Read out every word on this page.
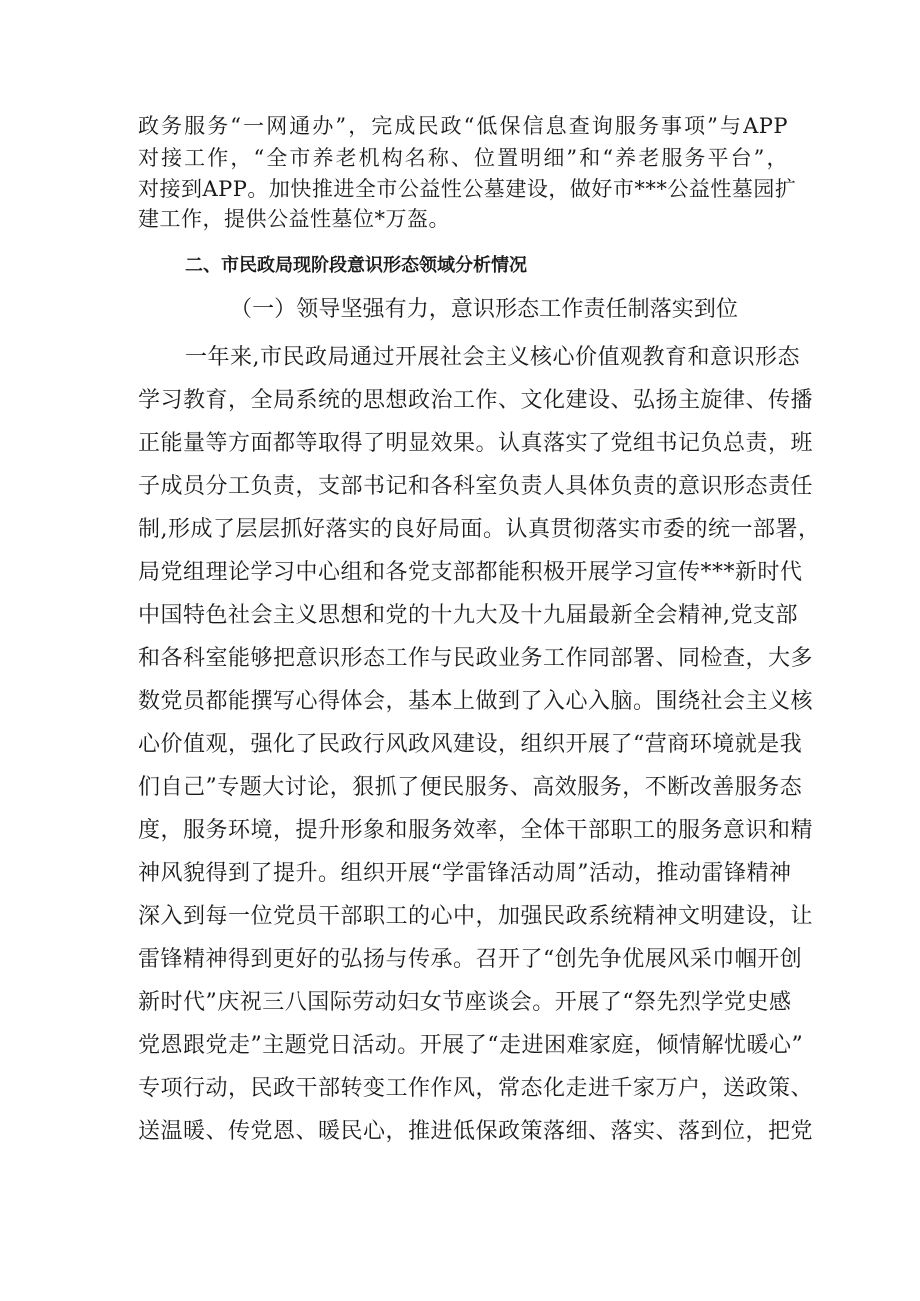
政务服务“一网通办”，完成民政“低保信息查询服务事项”与APP
对接工作，“全市养老机构名称、位置明细”和“养老服务平台”，
对接到APP。加快推进全市公益性公墓建设，做好市***公益性墓园扩
建工作，提供公益性墓位*万盔。
二、市民政局现阶段意识形态领域分析情况
（一）领导坚强有力，意识形态工作责任制落实到位
一年来,市民政局通过开展社会主义核心价值观教育和意识形态
学习教育，全局系统的思想政治工作、文化建设、弘扬主旋律、传播
正能量等方面都等取得了明显效果。认真落实了党组书记负总责，班
子成员分工负责，支部书记和各科室负责人具体负责的意识形态责任
制,形成了层层抓好落实的良好局面。认真贯彻落实市委的统一部署，
局党组理论学习中心组和各党支部都能积极开展学习宣传***新时代
中国特色社会主义思想和党的十九大及十九届最新全会精神,党支部
和各科室能够把意识形态工作与民政业务工作同部署、同检查，大多
数党员都能撰写心得体会，基本上做到了入心入脑。围绕社会主义核
心价值观，强化了民政行风政风建设，组织开展了“营商环境就是我
们自己”专题大讨论，狠抓了便民服务、高效服务，不断改善服务态
度，服务环境，提升形象和服务效率，全体干部职工的服务意识和精
神风貌得到了提升。组织开展“学雷锋活动周”活动，推动雷锋精神
深入到每一位党员干部职工的心中，加强民政系统精神文明建设，让
雷锋精神得到更好的弘扬与传承。召开了“创先争优展风采巾帼开创
新时代”庆祝三八国际劳动妇女节座谈会。开展了“祭先烈学党史感
党恩跟党走”主题党日活动。开展了“走进困难家庭，倾情解忧暖心”
专项行动，民政干部转变工作作风，常态化走进千家万户，送政策、
送温暖、传党恩、暖民心，推进低保政策落细、落实、落到位，把党
